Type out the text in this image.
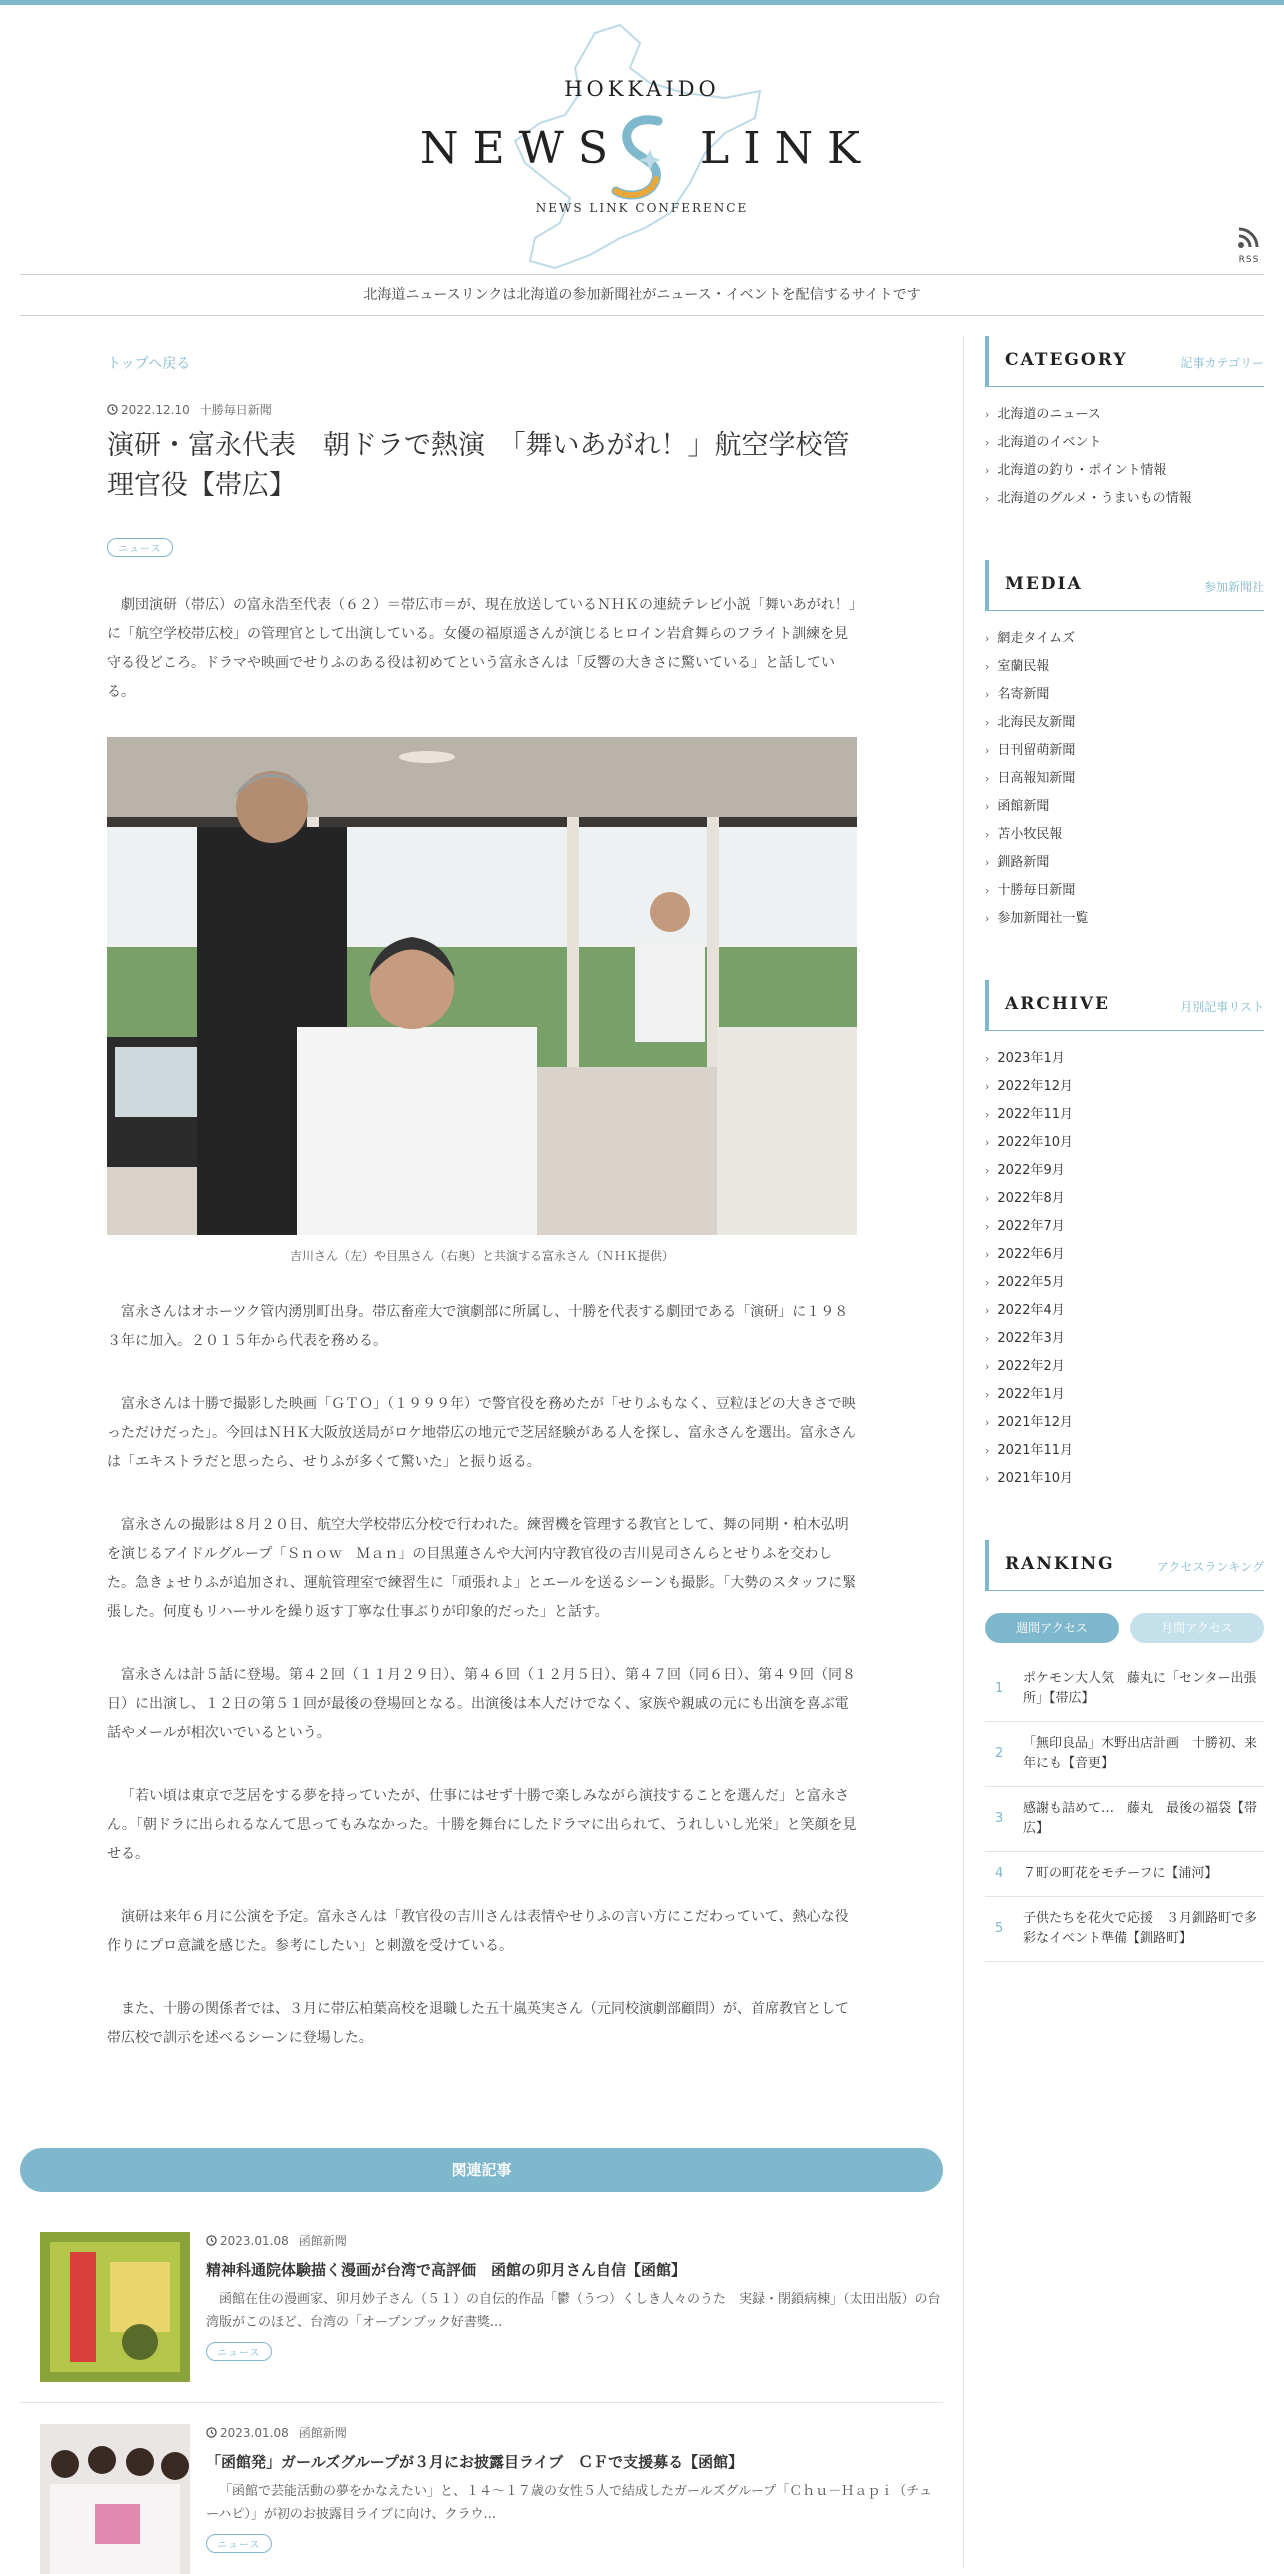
HOKKAIDO
NEWS LINK
NEWS LINK CONFERENCE
RSS
北海道ニュースリンクは北海道の参加新聞社がニュース・イベントを配信するサイトです
トップへ戻る
2022.12.10 十勝毎日新聞
演研・富永代表　朝ドラで熱演　「舞いあがれ！」航空学校管理官役【帯広】
ニュース

劇団演研（帯広）の富永浩至代表（６２）＝帯広市＝が、現在放送しているＮＨＫの連続テレビ小説「舞いあがれ！」に「航空学校帯広校」の管理官として出演している。女優の福原遥さんが演じるヒロイン岩倉舞らのフライト訓練を見守る役どころ。ドラマや映画でせりふのある役は初めてという富永さんは「反響の大きさに驚いている」と話している。

吉川さん（左）や目黒さん（右奥）と共演する富永さん（ＮＨＫ提供）

富永さんはオホーツク管内湧別町出身。帯広畜産大で演劇部に所属し、十勝を代表する劇団である「演研」に１９８３年に加入。２０１５年から代表を務める。

富永さんは十勝で撮影した映画「ＧＴＯ」（１９９９年）で警官役を務めたが「せりふもなく、豆粒ほどの大きさで映っただけだった」。今回はＮＨＫ大阪放送局がロケ地帯広の地元で芝居経験がある人を探し、富永さんを選出。富永さんは「エキストラだと思ったら、せりふが多くて驚いた」と振り返る。

富永さんの撮影は８月２０日、航空大学校帯広分校で行われた。練習機を管理する教官として、舞の同期・柏木弘明を演じるアイドルグループ「Ｓｎｏｗ　Ｍａｎ」の目黒蓮さんや大河内守教官役の吉川晃司さんらとせりふを交わした。急きょせりふが追加され、運航管理室で練習生に「頑張れよ」とエールを送るシーンも撮影。「大勢のスタッフに緊張した。何度もリハーサルを繰り返す丁寧な仕事ぶりが印象的だった」と話す。

富永さんは計５話に登場。第４２回（１１月２９日）、第４６回（１２月５日）、第４７回（同６日）、第４９回（同８日）に出演し、１２日の第５１回が最後の登場回となる。出演後は本人だけでなく、家族や親戚の元にも出演を喜ぶ電話やメールが相次いでいるという。

「若い頃は東京で芝居をする夢を持っていたが、仕事にはせず十勝で楽しみながら演技することを選んだ」と富永さん。「朝ドラに出られるなんて思ってもみなかった。十勝を舞台にしたドラマに出られて、うれしいし光栄」と笑顔を見せる。

演研は来年６月に公演を予定。富永さんは「教官役の吉川さんは表情やせりふの言い方にこだわっていて、熱心な役作りにプロ意識を感じた。参考にしたい」と刺激を受けている。

また、十勝の関係者では、３月に帯広柏葉高校を退職した五十嵐英実さん（元同校演劇部顧問）が、首席教官として帯広校で訓示を述べるシーンに登場した。

関連記事
2023.01.08 函館新聞
精神科通院体験描く漫画が台湾で高評価　函館の卯月さん自信【函館】
函館在住の漫画家、卯月妙子さん（５１）の自伝的作品「鬱（うつ）くしき人々のうた　実録・閉鎖病棟」（太田出版）の台湾版がこのほど、台湾の「オープンブック好書獎...
ニュース
2023.01.08 函館新聞
「函館発」ガールズグループが３月にお披露目ライブ　ＣＦで支援募る【函館】
「函館で芸能活動の夢をかなえたい」と、１４～１７歳の女性５人で結成したガールズグループ「Ｃｈｕ－Ｈａｐｉ（チューハピ）」が初のお披露目ライブに向け、クラウ...
ニュース
CATEGORY	記事カテゴリー
› 北海道のニュース
› 北海道のイベント
› 北海道の釣り・ポイント情報
› 北海道のグルメ・うまいもの情報
MEDIA	参加新聞社
› 網走タイムズ
› 室蘭民報
› 名寄新聞
› 北海民友新聞
› 日刊留萌新聞
› 日高報知新聞
› 函館新聞
› 苫小牧民報
› 釧路新聞
› 十勝毎日新聞
› 参加新聞社一覧
ARCHIVE	月別記事リスト
› 2023年1月
› 2022年12月
› 2022年11月
› 2022年10月
› 2022年9月
› 2022年8月
› 2022年7月
› 2022年6月
› 2022年5月
› 2022年4月
› 2022年3月
› 2022年2月
› 2022年1月
› 2021年12月
› 2021年11月
› 2021年10月
RANKING	アクセスランキング
週間アクセス	月間アクセス
1
ポケモン大人気　藤丸に「センター出張所」【帯広】
2
「無印良品」木野出店計画　十勝初、来年にも【音更】
3
感謝も詰めて…　藤丸　最後の福袋【帯広】
4 ７町の町花をモチーフに【浦河】
5
子供たちを花火で応援　３月釧路町で多彩なイベント準備【釧路町】
